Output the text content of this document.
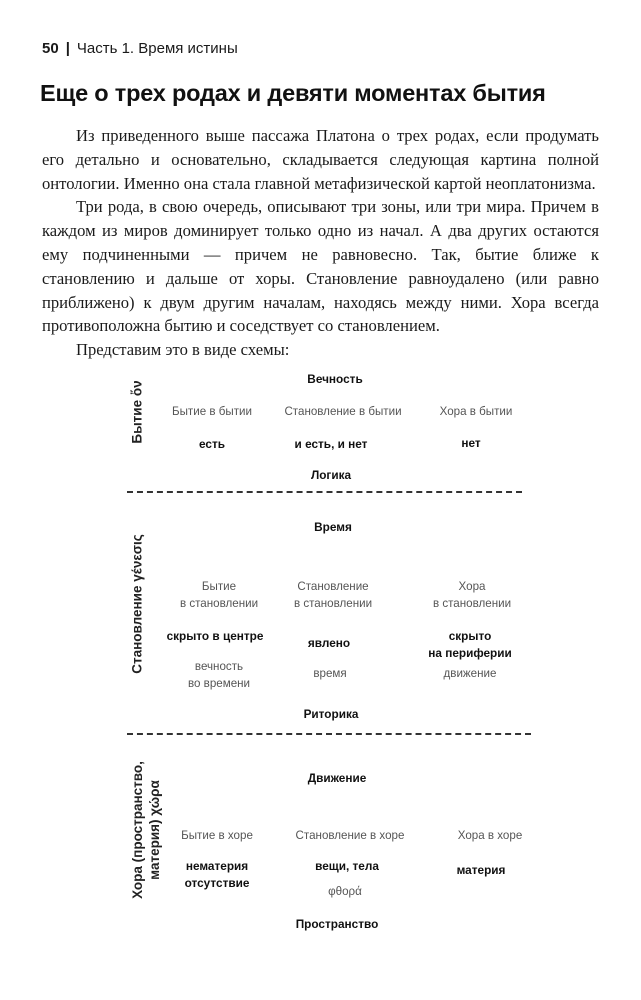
50 | Часть 1. Время истины
Еще о трех родах и девяти моментах бытия

Из приведенного выше пассажа Платона о трех родах, если продумать его детально и основательно, складывается следующая картина полной онтологии. Именно она стала главной метафизической картой неоплатонизма.

Три рода, в свою очередь, описывают три зоны, или три мира. Причем в каждом из миров доминирует только одно из начал. А два других остаются ему подчиненными — причем не равновесно. Так, бытие ближе к становлению и дальше от хоры. Становление равноудалено (или равно приближено) к двум другим началам, находясь между ними. Хора всегда противоположна бытию и соседствует со становлением.

Представим это в виде схемы:

Бытие ὄν
Вечность
Бытие в бытии
есть
Становление в бытии
и есть, и нет
Хора в бытии
нет
Логика
Становление γένεσις
Время
Бытие
в становлении
скрыто в центре
вечность
во времени
Становление
в становлении
явлено
время
Хора
в становлении
скрыто
на периферии
движение
Риторика
Хора (пространство, материя) χώρα
Движение
Бытие в хоре
нематерия
отсутствие
Становление в хоре
вещи, тела
φθορά
Хора в хоре
материя
Пространство
